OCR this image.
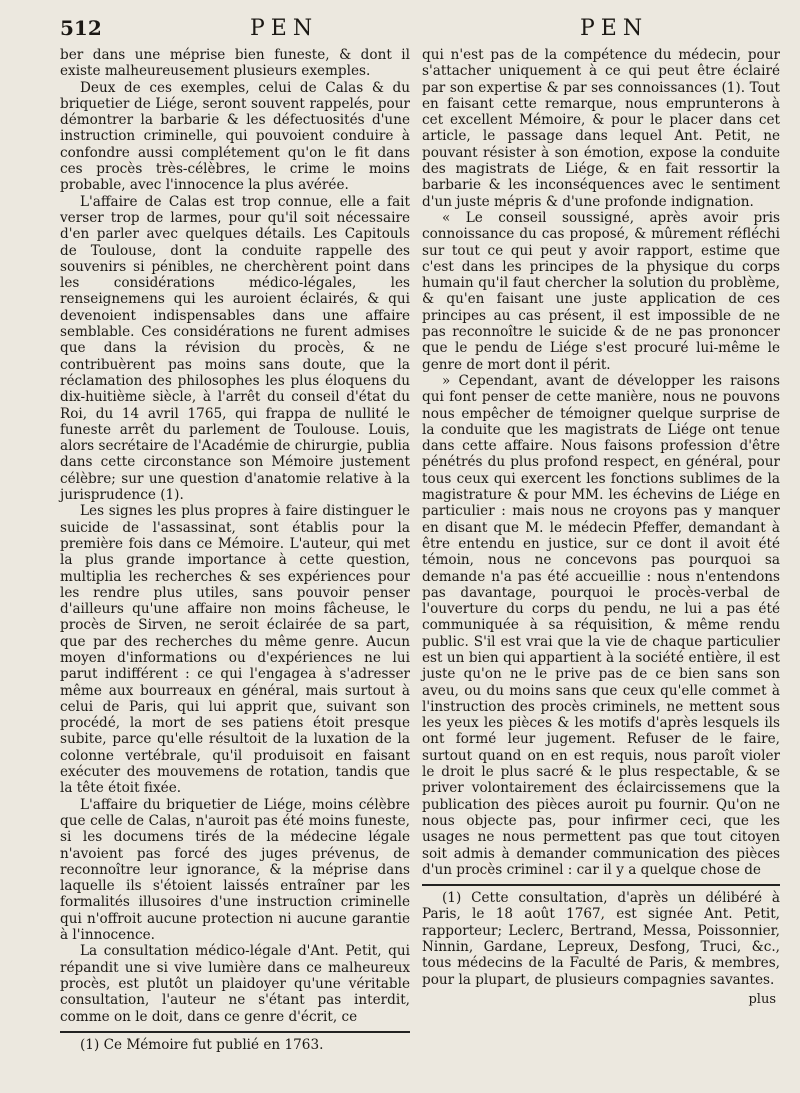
512	PEN	PEN

ber dans une méprise bien funeste, & dont il existe malheureusement plusieurs exemples.

Deux de ces exemples, celui de Calas & du briquetier de Liége, seront souvent rappelés, pour démontrer la barbarie & les défectuosités d'une instruction criminelle, qui pouvoient conduire à confondre aussi complétement qu'on le fit dans ces procès très-célèbres, le crime le moins probable, avec l'innocence la plus avérée.

L'affaire de Calas est trop connue, elle a fait verser trop de larmes, pour qu'il soit nécessaire d'en parler avec quelques détails. Les Capitouls de Toulouse, dont la conduite rappelle des souvenirs si pénibles, ne cherchèrent point dans les considérations médico-légales, les renseignemens qui les auroient éclairés, & qui devenoient indispensables dans une affaire semblable. Ces considérations ne furent admises que dans la révision du procès, & ne contribuèrent pas moins sans doute, que la réclamation des philosophes les plus éloquens du dix-huitième siècle, à l'arrêt du conseil d'état du Roi, du 14 avril 1765, qui frappa de nullité le funeste arrêt du parlement de Toulouse. Louis, alors secrétaire de l'Académie de chirurgie, publia dans cette circonstance son Mémoire justement célèbre; sur une question d'anatomie relative à la jurisprudence (1).

Les signes les plus propres à faire distinguer le suicide de l'assassinat, sont établis pour la première fois dans ce Mémoire. L'auteur, qui met la plus grande importance à cette question, multiplia les recherches & ses expériences pour les rendre plus utiles, sans pouvoir penser d'ailleurs qu'une affaire non moins fâcheuse, le procès de Sirven, ne seroit éclairée de sa part, que par des recherches du même genre. Aucun moyen d'informations ou d'expériences ne lui parut indifférent : ce qui l'engagea à s'adresser même aux bourreaux en général, mais surtout à celui de Paris, qui lui apprit que, suivant son procédé, la mort de ses patiens étoit presque subite, parce qu'elle résultoit de la luxation de la colonne vertébrale, qu'il produisoit en faisant exécuter des mouvemens de rotation, tandis que la tête étoit fixée.

L'affaire du briquetier de Liége, moins célèbre que celle de Calas, n'auroit pas été moins funeste, si les documens tirés de la médecine légale n'avoient pas forcé des juges prévenus, de reconnoître leur ignorance, & la méprise dans laquelle ils s'étoient laissés entraîner par les formalités illusoires d'une instruction criminelle qui n'offroit aucune protection ni aucune garantie à l'innocence.

La consultation médico-légale d'Ant. Petit, qui répandit une si vive lumière dans ce malheureux procès, est plutôt un plaidoyer qu'une véritable consultation, l'auteur ne s'étant pas interdit, comme on le doit, dans ce genre d'écrit, ce

(1) Ce Mémoire fut publié en 1763.

qui n'est pas de la compétence du médecin, pour s'attacher uniquement à ce qui peut être éclairé par son expertise & par ses connoissances (1). Tout en faisant cette remarque, nous emprunterons à cet excellent Mémoire, & pour le placer dans cet article, le passage dans lequel Ant. Petit, ne pouvant résister à son émotion, expose la conduite des magistrats de Liége, & en fait ressortir la barbarie & les inconséquences avec le sentiment d'un juste mépris & d'une profonde indignation.

« Le conseil soussigné, après avoir pris connoissance du cas proposé, & mûrement réfléchi sur tout ce qui peut y avoir rapport, estime que c'est dans les principes de la physique du corps humain qu'il faut chercher la solution du problème, & qu'en faisant une juste application de ces principes au cas présent, il est impossible de ne pas reconnoître le suicide & de ne pas prononcer que le pendu de Liége s'est procuré lui-même le genre de mort dont il périt.

» Cependant, avant de développer les raisons qui font penser de cette manière, nous ne pouvons nous empêcher de témoigner quelque surprise de la conduite que les magistrats de Liége ont tenue dans cette affaire. Nous faisons profession d'être pénétrés du plus profond respect, en général, pour tous ceux qui exercent les fonctions sublimes de la magistrature & pour MM. les échevins de Liége en particulier : mais nous ne croyons pas y manquer en disant que M. le médecin Pfeffer, demandant à être entendu en justice, sur ce dont il avoit été témoin, nous ne concevons pas pourquoi sa demande n'a pas été accueillie : nous n'entendons pas davantage, pourquoi le procès-verbal de l'ouverture du corps du pendu, ne lui a pas été communiquée à sa réquisition, & même rendu public. S'il est vrai que la vie de chaque particulier est un bien qui appartient à la société entière, il est juste qu'on ne le prive pas de ce bien sans son aveu, ou du moins sans que ceux qu'elle commet à l'instruction des procès criminels, ne mettent sous les yeux les pièces & les motifs d'après lesquels ils ont formé leur jugement. Refuser de le faire, surtout quand on en est requis, nous paroît violer le droit le plus sacré & le plus respectable, & se priver volontairement des éclaircissemens que la publication des pièces auroit pu fournir. Qu'on ne nous objecte pas, pour infirmer ceci, que les usages ne nous permettent pas que tout citoyen soit admis à demander communication des pièces d'un procès criminel : car il y a quelque chose de

(1) Cette consultation, d'après un délibéré à Paris, le 18 août 1767, est signée Ant. Petit, rapporteur; Leclerc, Bertrand, Messa, Poissonnier, Ninnin, Gardane, Lepreux, Desfong, Truci, &c., tous médecins de la Faculté de Paris, & membres, pour la plupart, de plusieurs compagnies savantes.

plus
